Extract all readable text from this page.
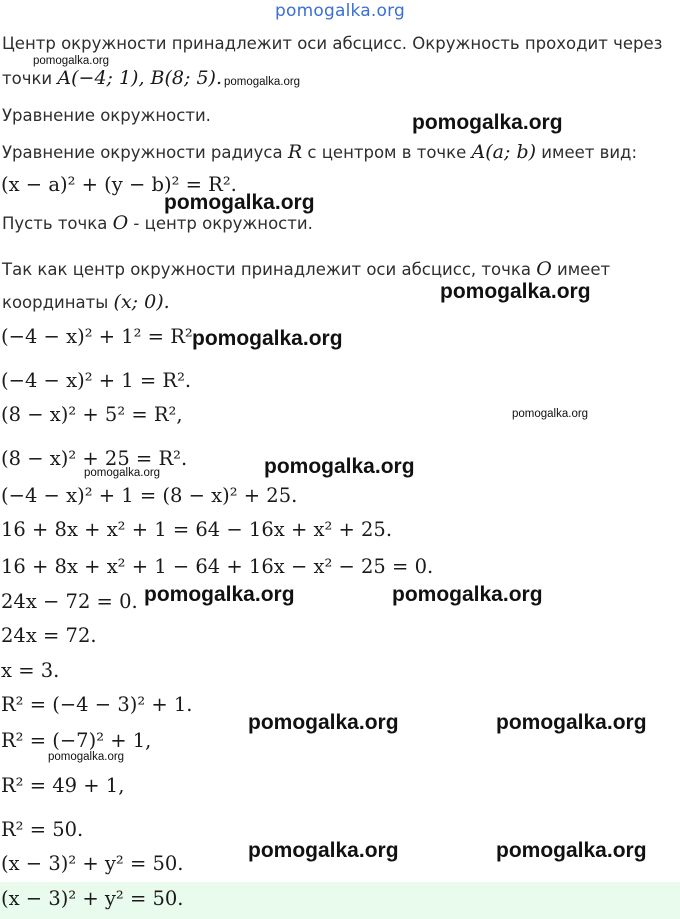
pomogalka.org
Центр окружности принадлежит оси абсцисс. Окружность проходит через
точки A(−4; 1), B(8; 5).
Уравнение окружности.
Уравнение окружности радиуса R с центром в точке A(a; b) имеет вид:
(x − a)² + (y − b)² = R².
Пусть точка O - центр окружности.
Так как центр окружности принадлежит оси абсцисс, точка O имеет
координаты (x; 0).
(−4 − x)² + 1² = R²
(−4 − x)² + 1 = R².
(8 − x)² + 5² = R²,
(8 − x)² + 25 = R².
(−4 − x)² + 1 = (8 − x)² + 25.
16 + 8x + x² + 1 = 64 − 16x + x² + 25.
16 + 8x + x² + 1 − 64 + 16x − x² − 25 = 0.
24x − 72 = 0.
24x = 72.
x = 3.
R² = (−4 − 3)² + 1.
R² = (−7)² + 1,
R² = 49 + 1,
R² = 50.
(x − 3)² + y² = 50.
(x − 3)² + y² = 50.
pomogalka.org
pomogalka.org
pomogalka.org
pomogalka.org
pomogalka.org
pomogalka.org
pomogalka.org
pomogalka.org
pomogalka.org
pomogalka.org	pomogalka.org
pomogalka.org	pomogalka.org
pomogalka.org
pomogalka.org	pomogalka.org
